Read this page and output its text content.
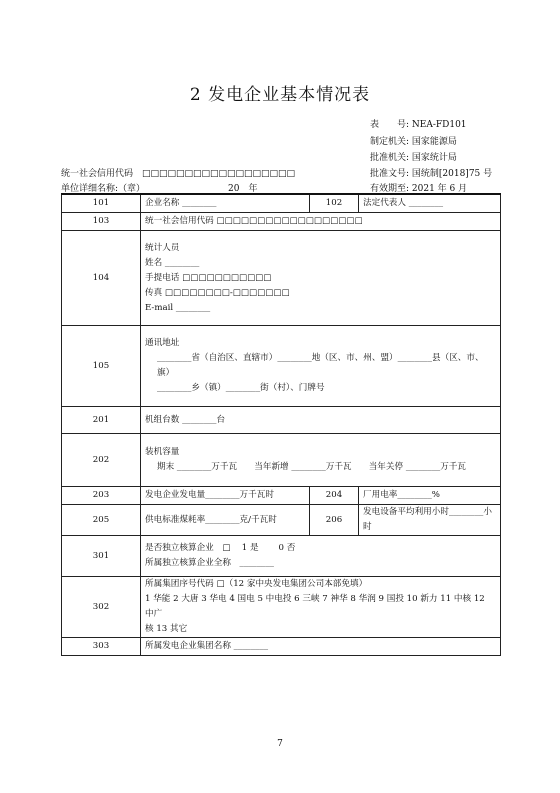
2 发电企业基本情况表
表　　号: NEA-FD101
制定机关: 国家能源局
批准机关: 国家统计局
批准文号: 国统制[2018]75 号
有效期至: 2021 年 6 月
统一社会信用代码　□□□□□□□□□□□□□□□□□□
单位详细名称:（章）	20　年
101	企业名称 ________	102	法定代表人 ________
103	统一社会信用代码 □□□□□□□□□□□□□□□□□□		
104	统计人员
姓名 ________
手提电话 □□□□□□□□□□□
传真 □□□□□□□□-□□□□□□□
E-mail ________		

105	通讯地址
________省（自治区、直辖市）________地（区、市、州、盟）________县（区、市、旗）
________乡（镇）________街（村）、门牌号		

201	机组台数 ________台		
202	装机容量
期末 ________万千瓦　　当年新增 ________万千瓦　　当年关停 ________万千瓦		

203	发电企业发电量________万千瓦时	204	厂用电率________%
205	供电标准煤耗率________克/千瓦时	206	发电设备平均利用小时________小时
301	是否独立核算企业　□　 1 是　　 0 否
所属独立核算企业全称　________		

302	所属集团序号代码 □（12 家中央发电集团公司本部免填）
1 华能 2 大唐 3 华电 4 国电 5 中电投 6 三峡 7 神华 8 华润 9 国投 10 新力 11 中核 12 中广
核 13 其它		

303	所属发电企业集团名称 ________		
7
